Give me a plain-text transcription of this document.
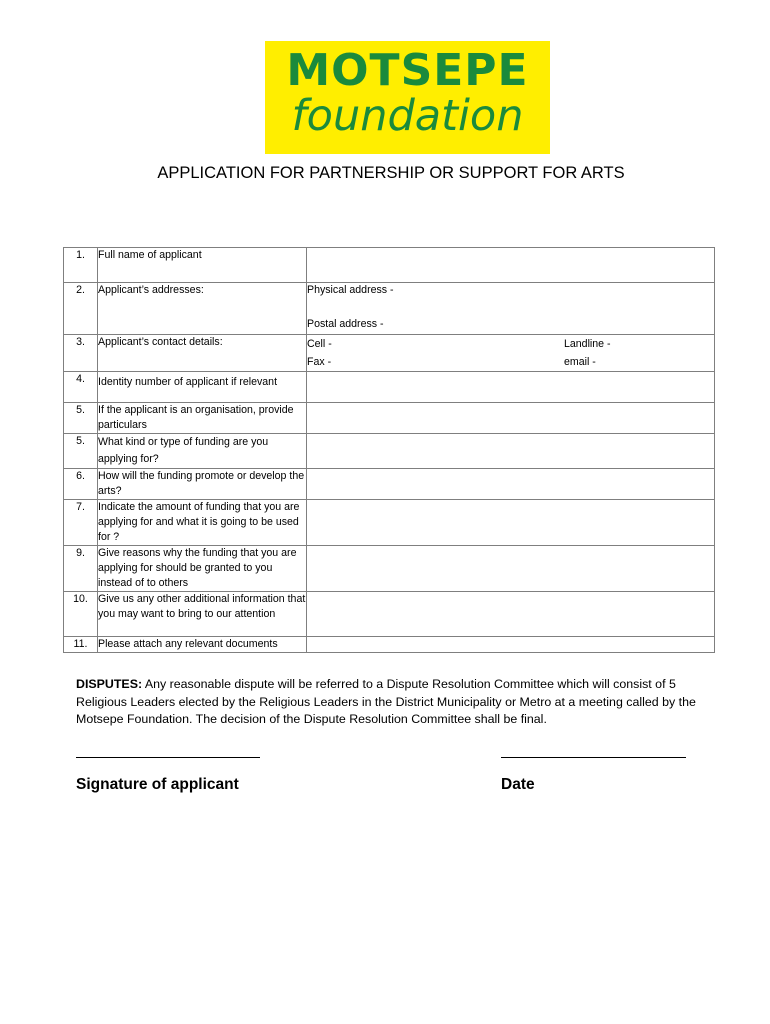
MOTSEPE
foundation
APPLICATION FOR PARTNERSHIP OR SUPPORT FOR ARTS
1.	Full name of applicant	
2.	Applicant’s addresses:	Physical address -
Postal address -

3.	Applicant’s contact details:	Cell - Landline -
Fax - email -

4.	Identity number of applicant if relevant	
5.	If the applicant is an organisation, provide particulars	
5.	What kind or type of funding are you applying for?	
6.	How will the funding promote or develop the arts?	
7.	Indicate the amount of funding that you are applying for and what it is going to be used for ?	
9.	Give reasons why the funding that you are applying for should be granted to you instead of to others	
10.	Give us any other additional information that you may want to bring to our attention	
11.	Please attach any relevant documents	
DISPUTES: Any reasonable dispute will be referred to a Dispute Resolution Committee which will consist of 5 Religious Leaders elected by the Religious Leaders in the District Municipality or Metro at a meeting called by the Motsepe Foundation. The decision of the Dispute Resolution Committee shall be final.
Signature of applicant	Date
